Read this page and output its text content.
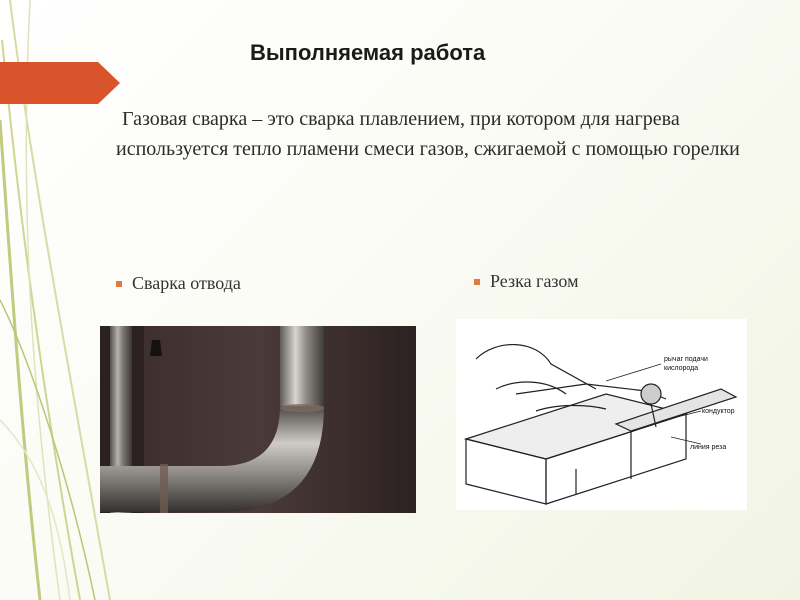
Выполняемая работа

Газовая сварка – это сварка плавлением, при котором для нагрева используется тепло пламени смеси газов, сжигаемой с помощью горелки

Сварка отвода	Резка газом
рычаг подачи
кислорода
кондуктор
линия реза
